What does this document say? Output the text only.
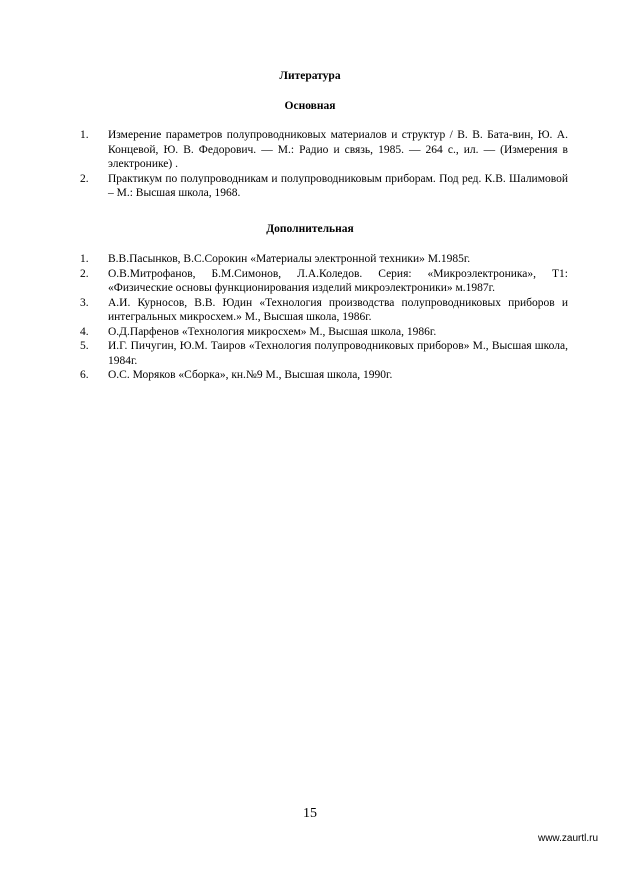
Литература
Основная
1.	Измерение параметров полупроводниковых материалов и структур / В. В. Бата-вин, Ю. А. Концевой, Ю. В. Федорович. — М.: Радио и связь, 1985. — 264 с., ил. — (Измерения в электронике) .
2.	Практикум по полупроводникам и полупроводниковым приборам. Под ред. К.В. Шалимовой – М.: Высшая школа, 1968.
Дополнительная
1.	В.В.Пасынков, В.С.Сорокин «Материалы электронной техники» М.1985г.
2.	О.В.Митрофанов, Б.М.Симонов, Л.А.Коледов. Серия: «Микроэлектроника», Т1: «Физические основы функционирования изделий микроэлектроники» м.1987г.
3.	А.И. Курносов, В.В. Юдин «Технология производства полупроводниковых приборов и интегральных микросхем.» М., Высшая школа, 1986г.
4.	О.Д.Парфенов «Технология микросхем» М., Высшая школа, 1986г.
5.	И.Г. Пичугин, Ю.М. Таиров «Технология полупроводниковых приборов» М., Высшая школа, 1984г.
6.	О.С. Моряков «Сборка», кн.№9 М., Высшая школа, 1990г.
15
www.zaurtl.ru
